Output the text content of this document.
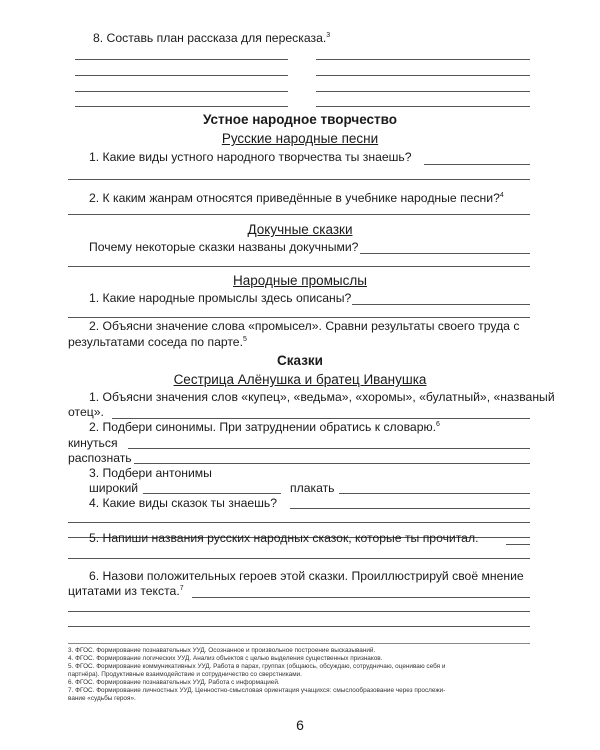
8. Составь план рассказа для пересказа.$^3$
Устное народное творчество
Русские народные песни
1. Какие виды устного народного творчества ты знаешь?
2. К каким жанрам относятся приведённые в учебнике народные песни?$^4$
Докучные сказки
Почему некоторые сказки названы докучными?
Народные промыслы
1. Какие народные промыслы здесь описаны?
2. Объясни значение слова «промысел». Сравни результаты своего труда с
результатами соседа по парте.$^5$
Сказки
Сестрица Алёнушка и братец Иванушка
1. Объясни значения слов «купец», «ведьма», «хоромы», «булатный», «названый
отец».
2. Подбери синонимы. При затруднении обратись к словарю.$^6$
кинуться
распознать
3. Подбери антонимы
широкий	плакать
4. Какие виды сказок ты знаешь?
5. Напиши названия русских народных сказок, которые ты прочитал.
6. Назови положительных героев этой сказки. Проиллюстрируй своё мнение
цитатами из текста.$^7$
3. ФГОС. Формирование познавательных УУД. Осознанное и произвольное построение высказываний.
4. ФГОС. Формирование логических УУД. Анализ объектов с целью выделения существенных признаков.
5. ФГОС. Формирование коммуникативных УУД. Работа в парах, группах (общаюсь, обсуждаю, сотрудничаю, оцениваю себя и
партнёра). Продуктивные взаимодействие и сотрудничество со сверстниками.
6. ФГОС. Формирование познавательных УУД. Работа с информацией.
7. ФГОС. Формирование личностных УУД. Ценностно-смысловая ориентация учащихся: смыслообразование через прослежи-
вание «судьбы героя».
6
